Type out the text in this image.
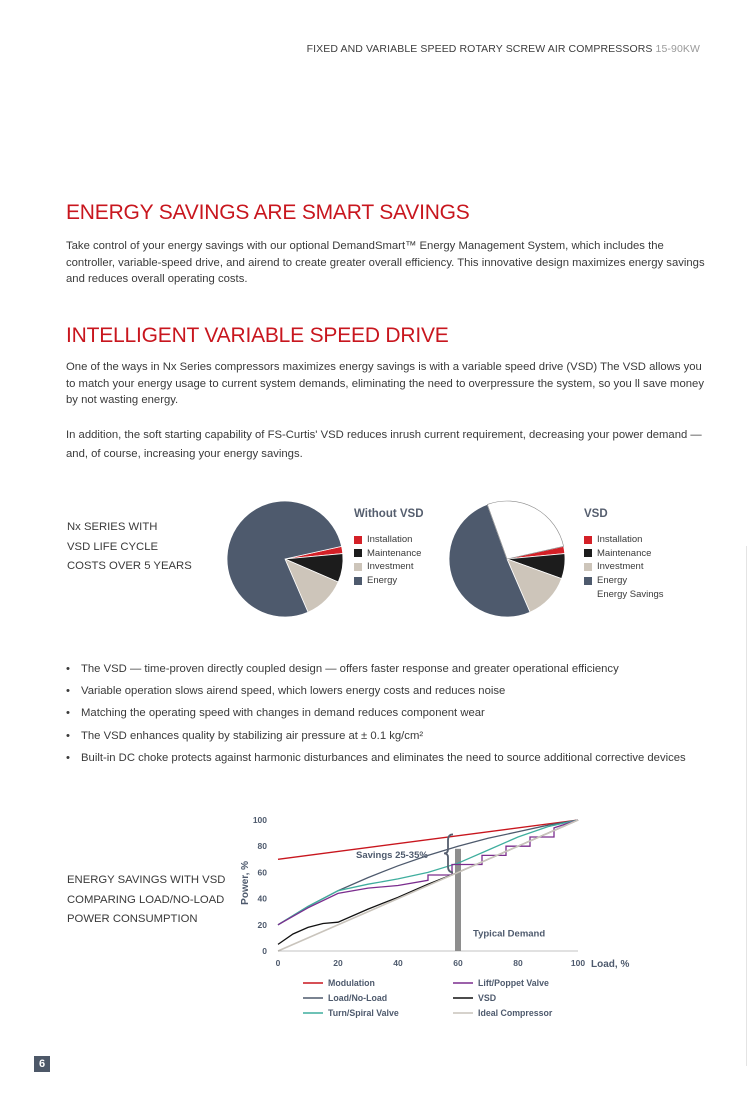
FIXED AND VARIABLE SPEED ROTARY SCREW AIR COMPRESSORS 15-90KW
ENERGY SAVINGS ARE SMART SAVINGS

Take control of your energy savings with our optional DemandSmart™ Energy Management System, which includes the controller, variable-speed drive, and airend to create greater overall efficiency. This innovative design maximizes energy savings and reduces overall operating costs.

INTELLIGENT VARIABLE SPEED DRIVE

One of the ways in Nx Series compressors maximizes energy savings is with a variable speed drive (VSD) The VSD allows you to match your energy usage to current system demands, eliminating the need to overpressure the system, so you ll save money by not wasting energy.

In addition, the soft starting capability of FS-Curtis' VSD reduces inrush current requirement, decreasing your power demand — and, of course, increasing your energy savings.

Nx SERIES WITH
VSD LIFE CYCLE
COSTS OVER 5 YEARS
Without VSD
Installation
Maintenance
Investment
Energy
VSD
Installation
Maintenance
Investment
Energy
Energy Savings
• The VSD — time-proven directly coupled design — offers faster response and greater operational efficiency
• Variable operation slows airend speed, which lowers energy costs and reduces noise
• Matching the operating speed with changes in demand reduces component wear
• The VSD enhances quality by stabilizing air pressure at ± 0.1 kg/cm²
• Built-in DC choke protects against harmonic disturbances and eliminates the need to source additional corrective devices
ENERGY SAVINGS WITH VSD
COMPARING LOAD/NO-LOAD
POWER CONSUMPTION
0	20	40	60	80	100
0
20
40
60
80
100
Load, %
Power, %
Savings 25-35%
Typical Demand
Modulation	Lift/Poppet Valve
Load/No-Load	VSD
Turn/Spiral Valve	Ideal Compressor
6
